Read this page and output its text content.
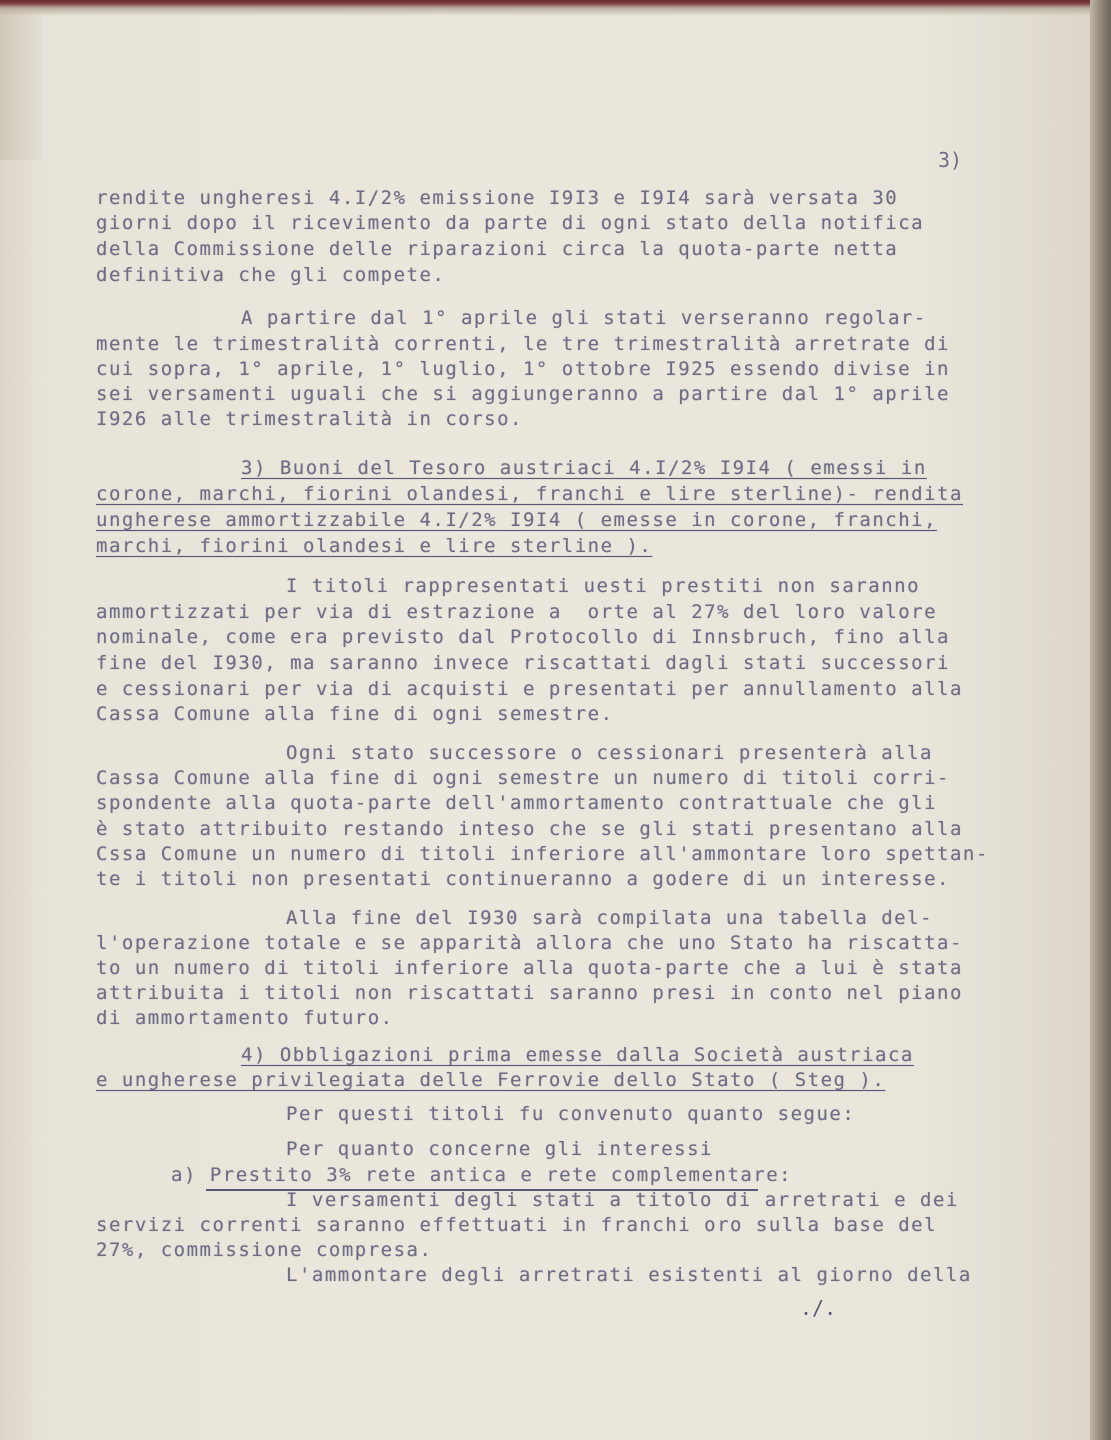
3)
rendite ungheresi 4.I/2% emissione I9I3 e I9I4 sarà versata 30
giorni dopo il ricevimento da parte di ogni stato della notifica
della Commissione delle riparazioni circa la quota-parte netta
definitiva che gli compete.
A partire dal 1° aprile gli stati verseranno regolar-
mente le trimestralità correnti, le tre trimestralità arretrate di
cui sopra, 1° aprile, 1° luglio, 1° ottobre I925 essendo divise in
sei versamenti uguali che si aggiungeranno a partire dal 1° aprile
I926 alle trimestralità in corso.
3) Buoni del Tesoro austriaci 4.I/2% I9I4 ( emessi in
corone, marchi, fiorini olandesi, franchi e lire sterline)- rendita
ungherese ammortizzabile 4.I/2% I9I4 ( emesse in corone, franchi,
marchi, fiorini olandesi e lire sterline ).
I titoli rappresentati uesti prestiti non saranno
ammortizzati per via di estrazione a  orte al 27% del loro valore
nominale, come era previsto dal Protocollo di Innsbruch, fino alla
fine del I930, ma saranno invece riscattati dagli stati successori
e cessionari per via di acquisti e presentati per annullamento alla
Cassa Comune alla fine di ogni semestre.
Ogni stato successore o cessionari presenterà alla
Cassa Comune alla fine di ogni semestre un numero di titoli corri-
spondente alla quota-parte dell'ammortamento contrattuale che gli
è stato attribuito restando inteso che se gli stati presentano alla
Cssa Comune un numero di titoli inferiore all'ammontare loro spettan-
te i titoli non presentati continueranno a godere di un interesse.
Alla fine del I930 sarà compilata una tabella del-
l'operazione totale e se apparità allora che uno Stato ha riscatta-
to un numero di titoli inferiore alla quota-parte che a lui è stata
attribuita i titoli non riscattati saranno presi in conto nel piano
di ammortamento futuro.
4) Obbligazioni prima emesse dalla Società austriaca
e ungherese privilegiata delle Ferrovie dello Stato ( Steg ).
Per questi titoli fu convenuto quanto segue:
Per quanto concerne gli interessi
a) Prestito 3% rete antica e rete complementare:
I versamenti degli stati a titolo di arretrati e dei
servizi correnti saranno effettuati in franchi oro sulla base del
27%, commissione compresa.
L'ammontare degli arretrati esistenti al giorno della
./.
